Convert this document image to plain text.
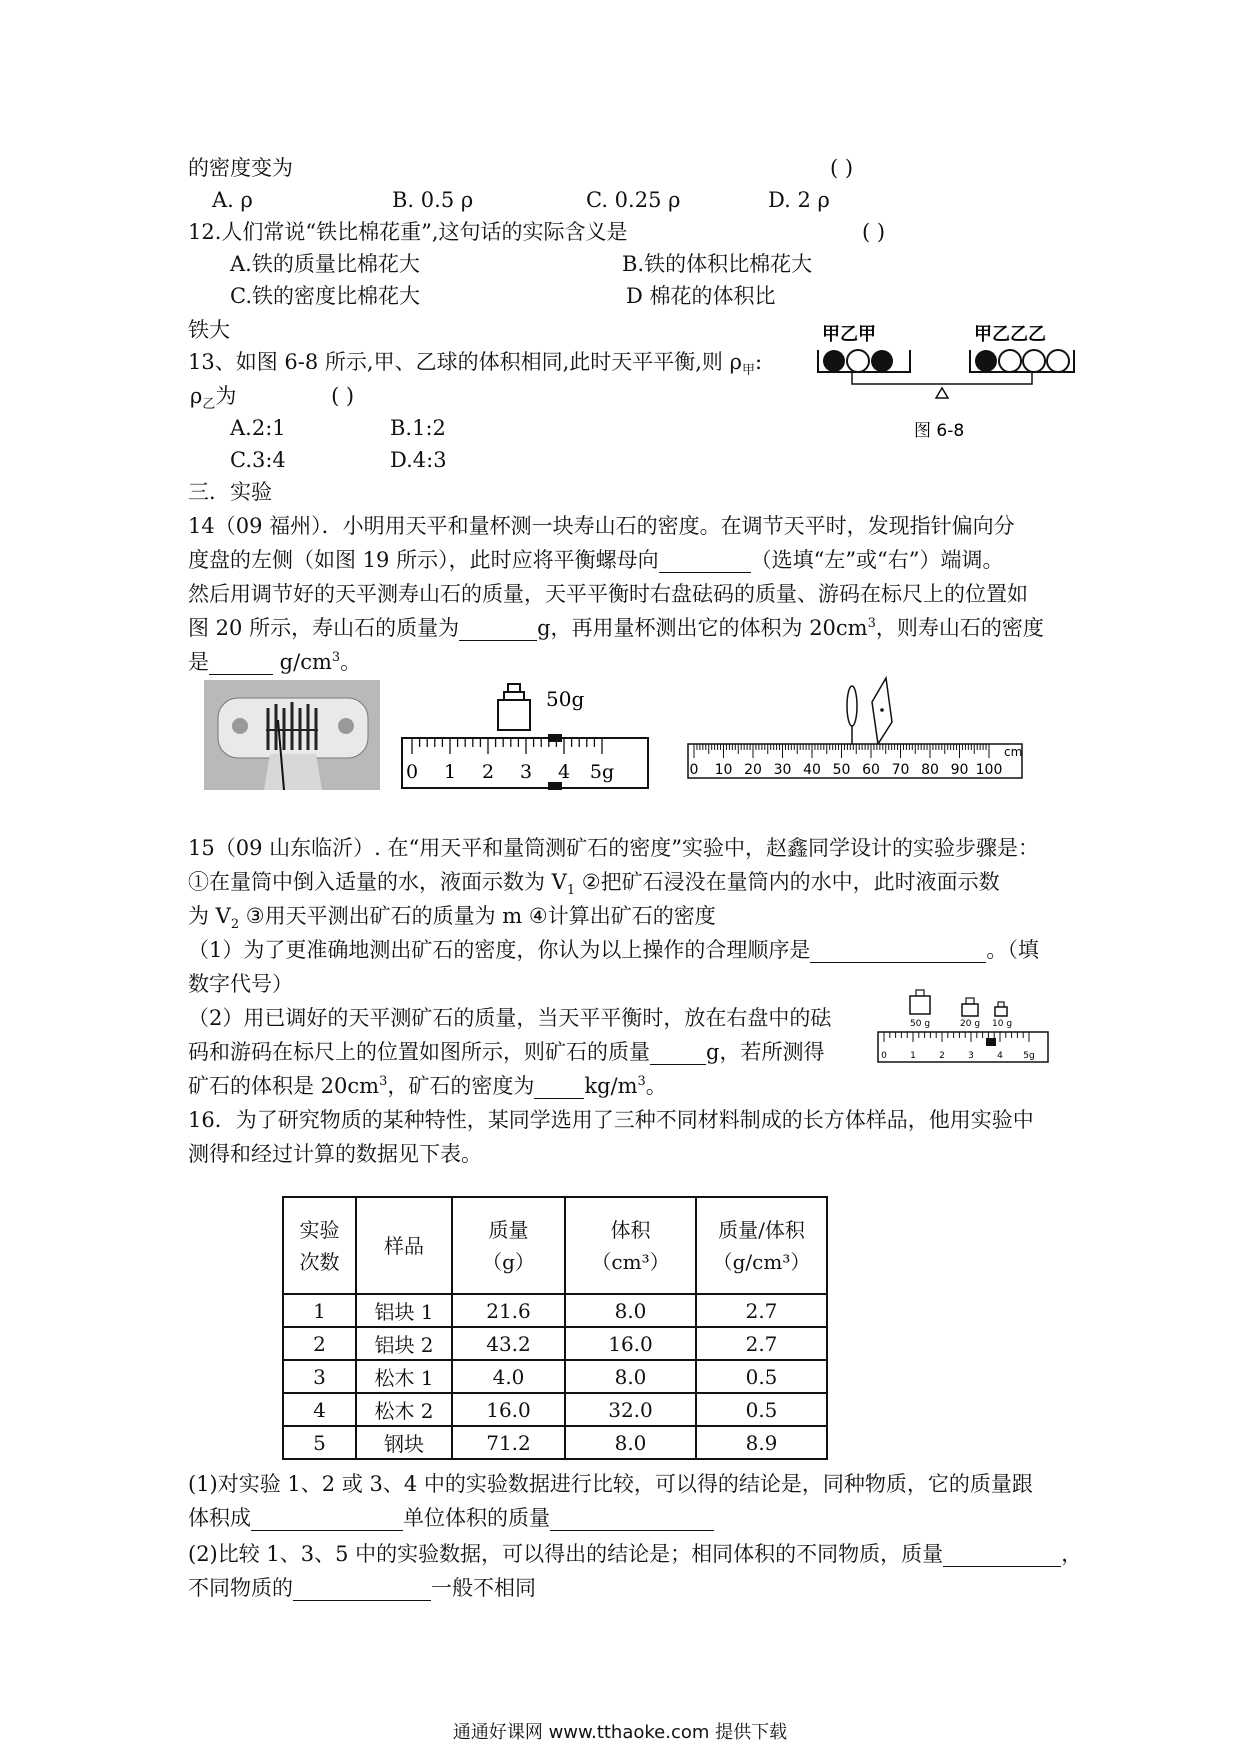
的密度变为	( )
A. ρ	B. 0.5 ρ	C. 0.25 ρ	D. 2 ρ
12.人们常说“铁比棉花重”,这句话的实际含义是	( )
A.铁的质量比棉花大	B.铁的体积比棉花大
C.铁的密度比棉花大	D 棉花的体积比
铁大
13、如图 6-8 所示,甲、乙球的体积相同,此时天平平衡,则 $\rho_甲$:
$\rho_乙$为	( )
A.2:1	B.1:2
C.3:4	D.4:3
甲乙甲	甲乙乙乙
图 6-8
三．实验
14（09 福州）．小明用天平和量杯测一块寿山石的密度。在调节天平时，发现指针偏向分
度盘的左侧（如图 19 所示），此时应将平衡螺母向	（选填“左”或“右”）端调。
然后用调节好的天平测寿山石的质量，天平平衡时右盘砝码的质量、游码在标尺上的位置如
图 20 所示，寿山石的质量为	g，再用量杯测出它的体积为 $20cm^3$，则寿山石的密度
是	$g/cm^3$。
50g
0 1 2 3 4 5g
cm
0 10 20 30 40 50 60 70 80 90 100
15（09 山东临沂）. 在“用天平和量筒测矿石的密度”实验中，赵鑫同学设计的实验步骤是：
①在量筒中倒入适量的水，液面示数为 $V_1$ ②把矿石浸没在量筒内的水中，此时液面示数
为 $V_2$ ③用天平测出矿石的质量为 m ④计算出矿石的密度
（1）为了更准确地测出矿石的密度，你认为以上操作的合理顺序是	。（填
数字代号）
（2）用已调好的天平测矿石的质量，当天平平衡时，放在右盘中的砝
码和游码在标尺上的位置如图所示，则矿石的质量	g，若所测得
矿石的体积是 $20cm^3$，矿石的密度为 $kg/m^3$。
50 g	20 g 10 g
0	1	2	3	4 5g
16．为了研究物质的某种特性，某同学选用了三种不同材料制成的长方体样品，他用实验中
测得和经过计算的数据见下表。
实验
次数	样品	质量
（g）	体积
（cm³）	质量/体积
（g/cm³）
1	铝块 1	21.6	8.0	2.7
2	铝块 2	43.2	16.0	2.7
3	松木 1	4.0	8.0	0.5
4	松木 2	16.0	32.0	0.5
5	钢块	71.2	8.0	8.9
(1)对实验 1、2 或 3、4 中的实验数据进行比较，可以得的结论是，同种物质，它的质量跟
体积成	单位体积的质量
(2)比较 1、3、5 中的实验数据，可以得出的结论是；相同体积的不同物质，质量	，
不同物质的	一般不相同
通通好课网 www.tthaoke.com 提供下载
